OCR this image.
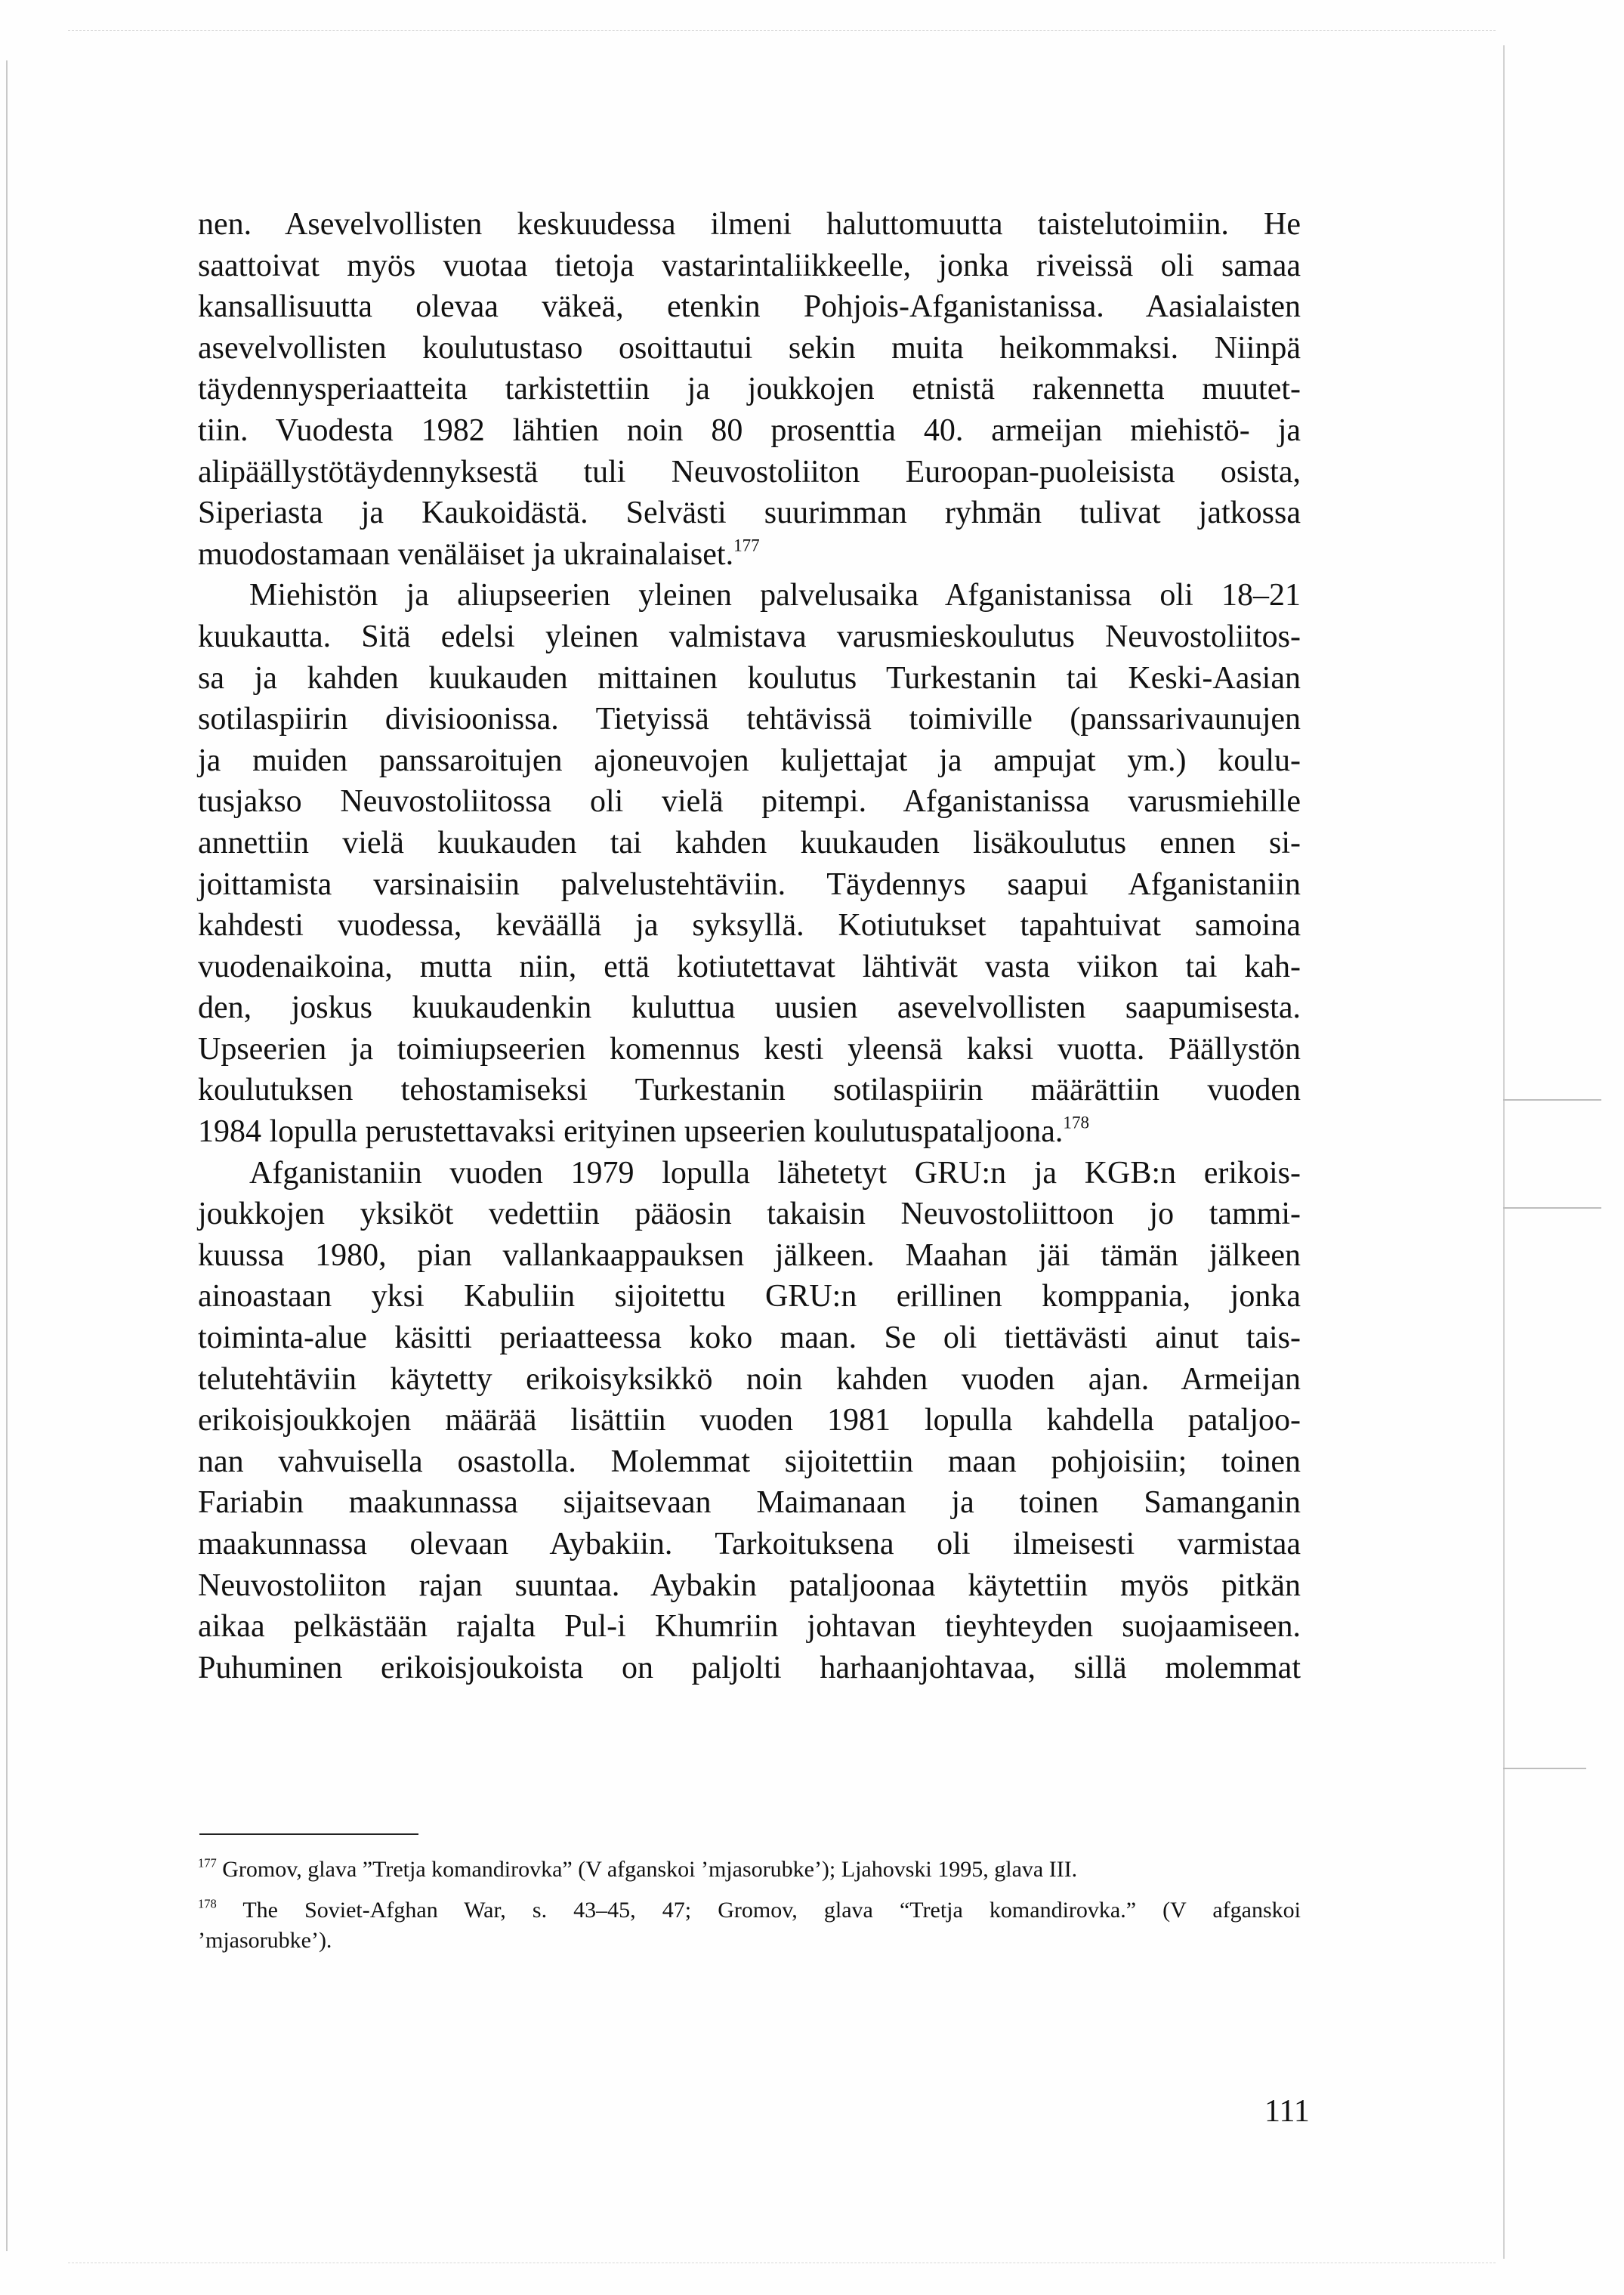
nen. Asevelvollisten keskuudessa ilmeni haluttomuutta taistelutoimiin. He
saattoivat myös vuotaa tietoja vastarintaliikkeelle, jonka riveissä oli samaa
kansallisuutta olevaa väkeä, etenkin Pohjois-Afganistanissa. Aasialaisten
asevelvollisten koulutustaso osoittautui sekin muita heikommaksi. Niinpä
täydennysperiaatteita tarkistettiin ja joukkojen etnistä rakennetta muutet-
tiin. Vuodesta 1982 lähtien noin 80 prosenttia 40. armeijan miehistö- ja
alipäällystötäydennyksestä tuli Neuvostoliiton Euroopan-puoleisista osista,
Siperiasta ja Kaukoidästä. Selvästi suurimman ryhmän tulivat jatkossa
muodostamaan venäläiset ja ukrainalaiset.$^{177}$
Miehistön ja aliupseerien yleinen palvelusaika Afganistanissa oli 18–21
kuukautta. Sitä edelsi yleinen valmistava varusmieskoulutus Neuvostoliitos-
sa ja kahden kuukauden mittainen koulutus Turkestanin tai Keski-Aasian
sotilaspiirin divisioonissa. Tietyissä tehtävissä toimiville (panssarivaunujen
ja muiden panssaroitujen ajoneuvojen kuljettajat ja ampujat ym.) koulu-
tusjakso Neuvostoliitossa oli vielä pitempi. Afganistanissa varusmiehille
annettiin vielä kuukauden tai kahden kuukauden lisäkoulutus ennen si-
joittamista varsinaisiin palvelustehtäviin. Täydennys saapui Afganistaniin
kahdesti vuodessa, keväällä ja syksyllä. Kotiutukset tapahtuivat samoina
vuodenaikoina, mutta niin, että kotiutettavat lähtivät vasta viikon tai kah-
den, joskus kuukaudenkin kuluttua uusien asevelvollisten saapumisesta.
Upseerien ja toimiupseerien komennus kesti yleensä kaksi vuotta. Päällystön
koulutuksen tehostamiseksi Turkestanin sotilaspiirin määrättiin vuoden
1984 lopulla perustettavaksi erityinen upseerien koulutuspataljoona.$^{178}$
Afganistaniin vuoden 1979 lopulla lähetetyt GRU:n ja KGB:n erikois-
joukkojen yksiköt vedettiin pääosin takaisin Neuvostoliittoon jo tammi-
kuussa 1980, pian vallankaappauksen jälkeen. Maahan jäi tämän jälkeen
ainoastaan yksi Kabuliin sijoitettu GRU:n erillinen komppania, jonka
toiminta-alue käsitti periaatteessa koko maan. Se oli tiettävästi ainut tais-
telutehtäviin käytetty erikoisyksikkö noin kahden vuoden ajan. Armeijan
erikoisjoukkojen määrää lisättiin vuoden 1981 lopulla kahdella pataljoo-
nan vahvuisella osastolla. Molemmat sijoitettiin maan pohjoisiin; toinen
Fariabin maakunnassa sijaitsevaan Maimanaan ja toinen Samanganin
maakunnassa olevaan Aybakiin. Tarkoituksena oli ilmeisesti varmistaa
Neuvostoliiton rajan suuntaa. Aybakin pataljoonaa käytettiin myös pitkän
aikaa pelkästään rajalta Pul-i Khumriin johtavan tieyhteyden suojaamiseen.
Puhuminen erikoisjoukoista on paljolti harhaanjohtavaa, sillä molemmat
$^{177}$ Gromov, glava ”Tretja komandirovka” (V afganskoi ’mjasorubke’); Ljahovski 1995, glava III.
$^{178}$ The Soviet-Afghan War, s. 43–45, 47; Gromov, glava “Tretja komandirovka.” (V afganskoi
’mjasorubke’).
111
